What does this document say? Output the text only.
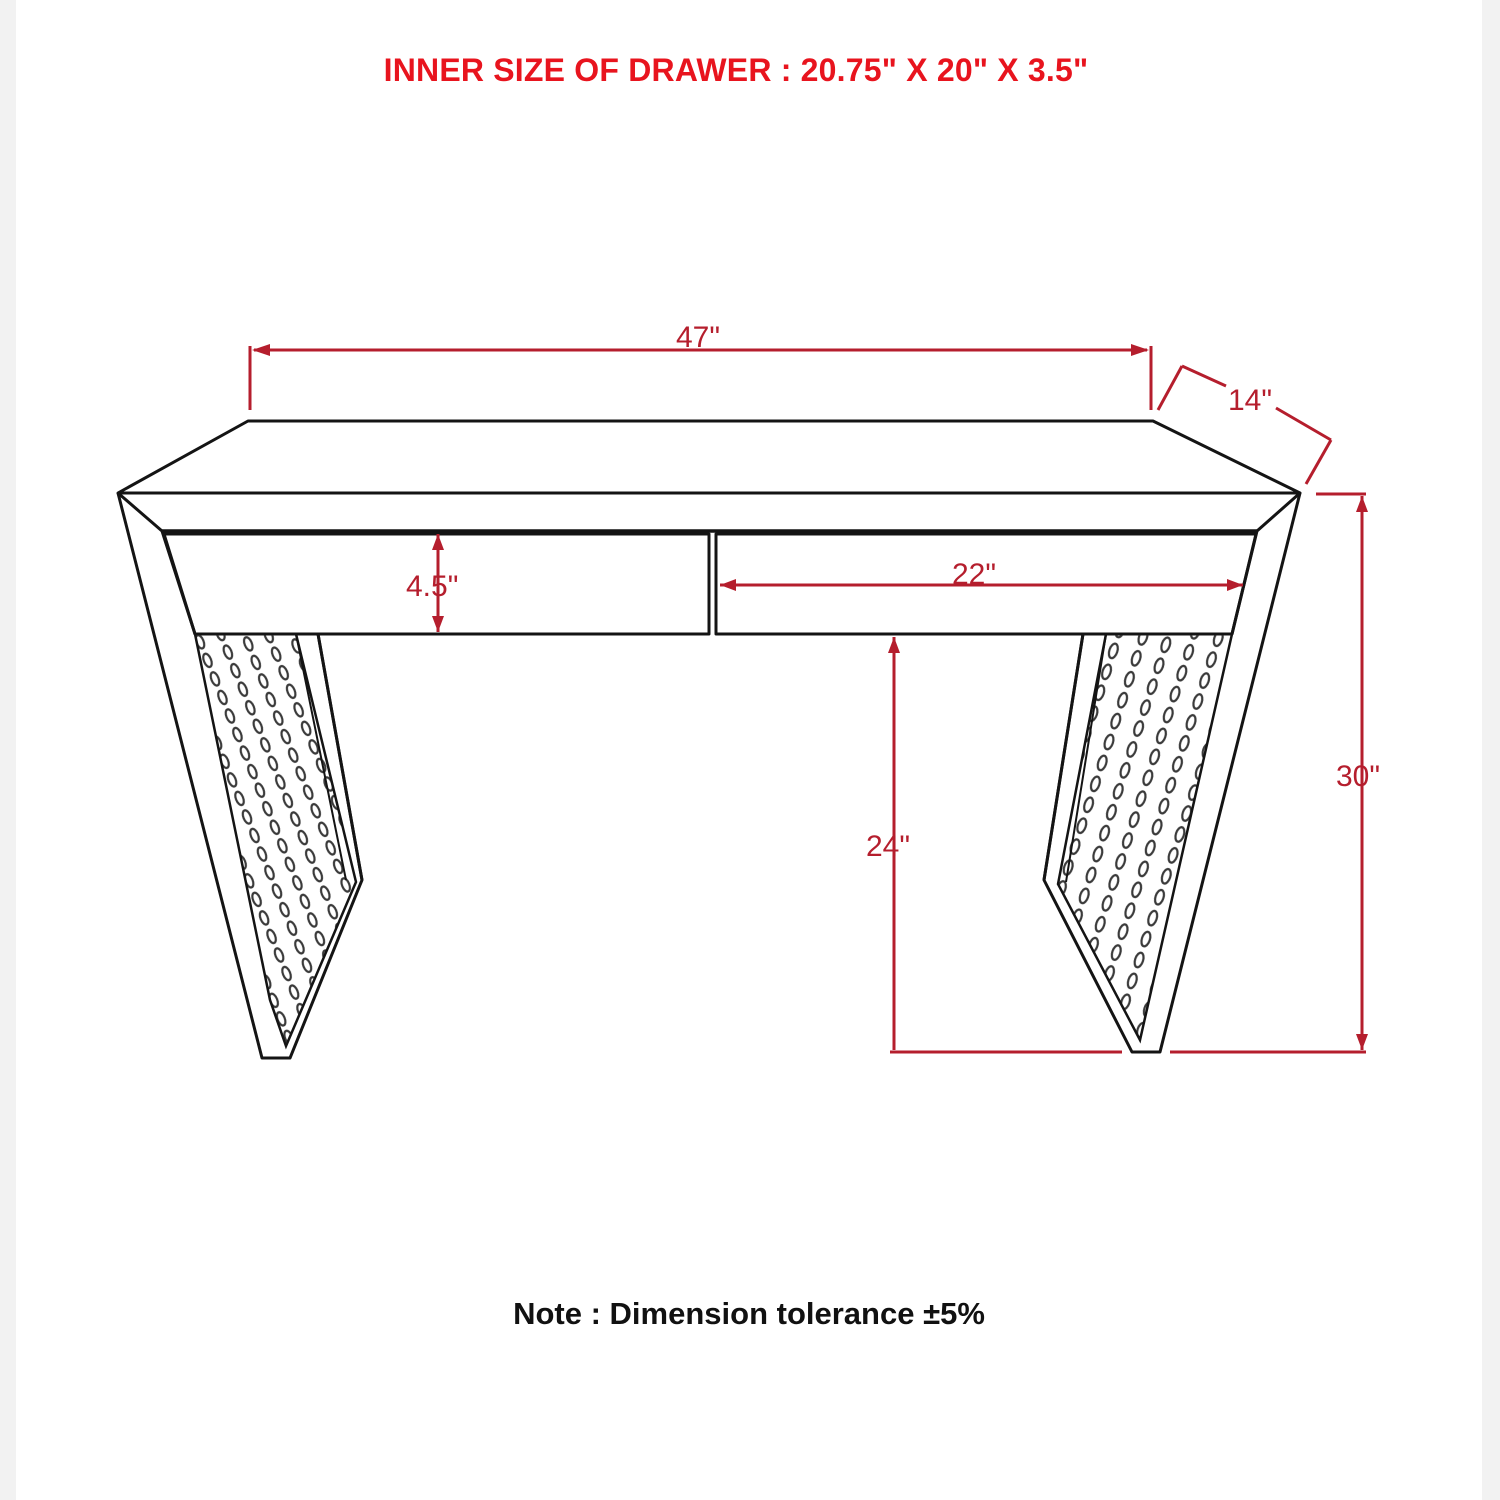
INNER SIZE OF DRAWER : 20.75" X 20" X 3.5"
47"
14"
4.5"	22"
24"
30"
Note : Dimension tolerance ±5%
